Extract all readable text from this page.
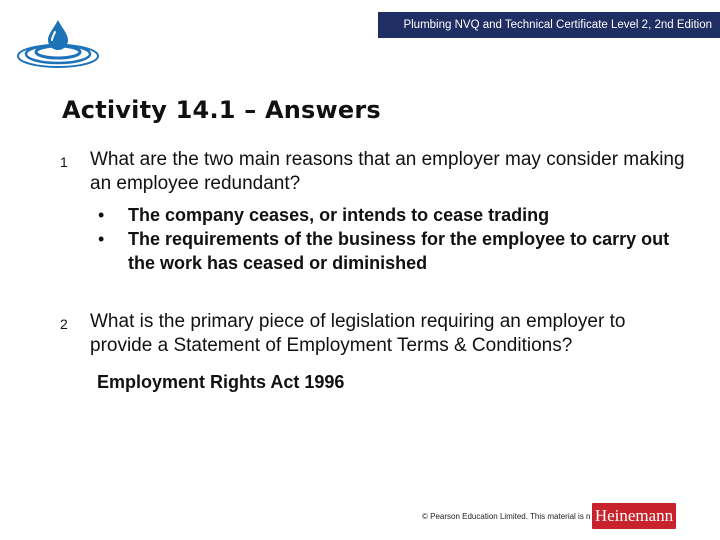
Plumbing NVQ and Technical Certificate Level 2, 2nd Edition
Activity 14.1 – Answers
1 What are the two main reasons that an employer may consider making an employee redundant?
• The company ceases, or intends to cease trading
• The requirements of the business for the employee to carry out the work has ceased or diminished
2 What is the primary piece of legislation requiring an employer to provide a Statement of Employment Terms & Conditions?
Employment Rights Act 1996
© Pearson Education Limited. This material is n Heinemann
